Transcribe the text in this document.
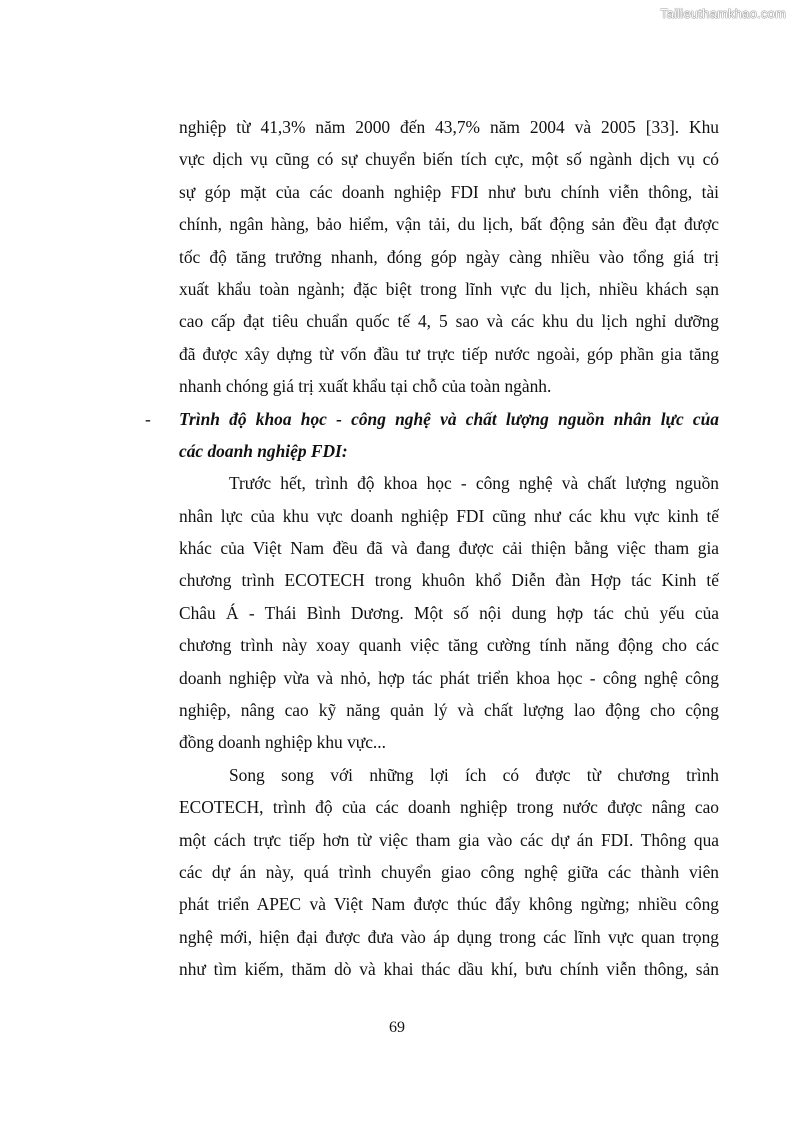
Tailieuthamkhao.com
nghiệp từ 41,3% năm 2000 đến 43,7% năm 2004 và 2005 [33]. Khu
vực dịch vụ cũng có sự chuyển biến tích cực, một số ngành dịch vụ có
sự góp mặt của các doanh nghiệp FDI như bưu chính viễn thông, tài
chính, ngân hàng, bảo hiểm, vận tải, du lịch, bất động sản đều đạt được
tốc độ tăng trưởng nhanh, đóng góp ngày càng nhiều vào tổng giá trị
xuất khẩu toàn ngành; đặc biệt trong lĩnh vực du lịch, nhiều khách sạn
cao cấp đạt tiêu chuẩn quốc tế 4, 5 sao và các khu du lịch nghỉ dưỡng
đã được xây dựng từ vốn đầu tư trực tiếp nước ngoài, góp phần gia tăng
nhanh chóng giá trị xuất khẩu tại chỗ của toàn ngành.
- Trình độ khoa học - công nghệ và chất lượng nguồn nhân lực của
các doanh nghiệp FDI:
Trước hết, trình độ khoa học - công nghệ và chất lượng nguồn
nhân lực của khu vực doanh nghiệp FDI cũng như các khu vực kinh tế
khác của Việt Nam đều đã và đang được cải thiện bằng việc tham gia
chương trình ECOTECH trong khuôn khổ Diễn đàn Hợp tác Kinh tế
Châu Á - Thái Bình Dương. Một số nội dung hợp tác chủ yếu của
chương trình này xoay quanh việc tăng cường tính năng động cho các
doanh nghiệp vừa và nhỏ, hợp tác phát triển khoa học - công nghệ công
nghiệp, nâng cao kỹ năng quản lý và chất lượng lao động cho cộng
đồng doanh nghiệp khu vực...
Song song với những lợi ích có được từ chương trình
ECOTECH, trình độ của các doanh nghiệp trong nước được nâng cao
một cách trực tiếp hơn từ việc tham gia vào các dự án FDI. Thông qua
các dự án này, quá trình chuyển giao công nghệ giữa các thành viên
phát triển APEC và Việt Nam được thúc đẩy không ngừng; nhiều công
nghệ mới, hiện đại được đưa vào áp dụng trong các lĩnh vực quan trọng
như tìm kiếm, thăm dò và khai thác dầu khí, bưu chính viễn thông, sản
69
